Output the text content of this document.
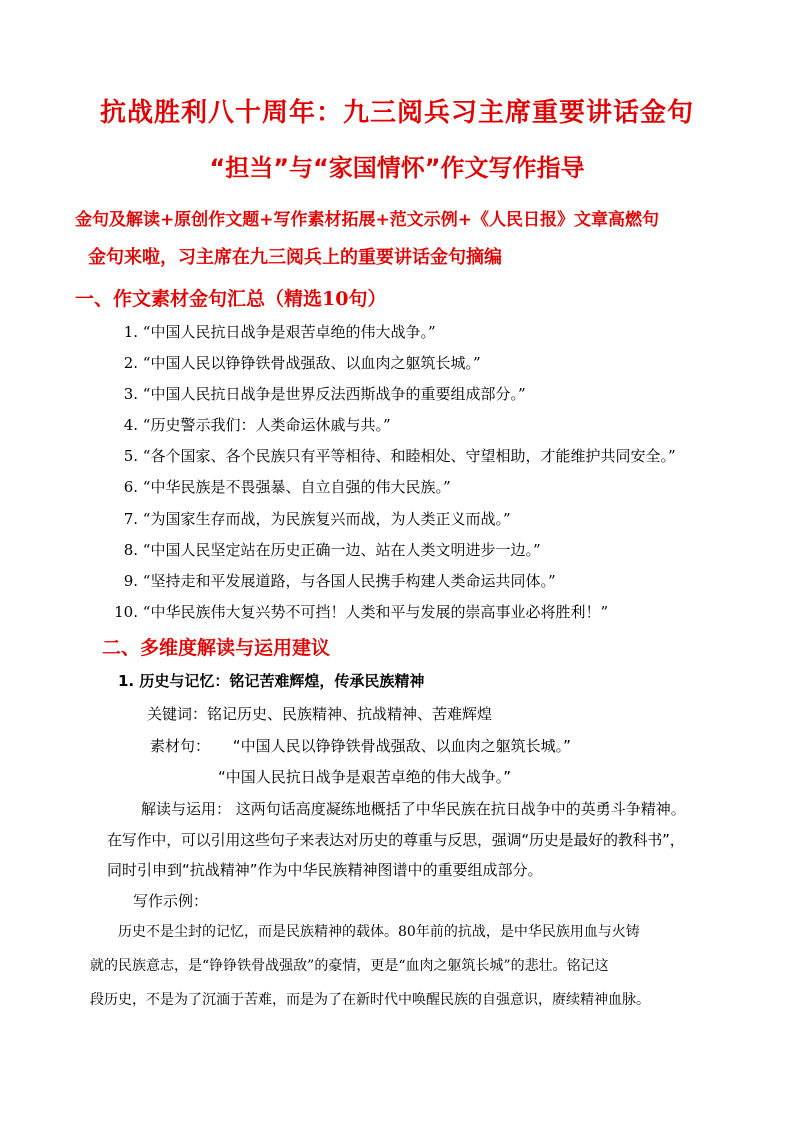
抗战胜利八十周年：九三阅兵习主席重要讲话金句
“担当”与“家国情怀”作文写作指导
金句及解读+原创作文题+写作素材拓展+范文示例+《人民日报》文章高燃句
金句来啦，习主席在九三阅兵上的重要讲话金句摘编
一、作文素材金句汇总（精选10句）
1. “中国人民抗日战争是艰苦卓绝的伟大战争。”
2. “中国人民以铮铮铁骨战强敌、以血肉之躯筑长城。”
3. “中国人民抗日战争是世界反法西斯战争的重要组成部分。”
4. “历史警示我们：人类命运休戚与共。”
5. “各个国家、各个民族只有平等相待、和睦相处、守望相助，才能维护共同安全。”
6. “中华民族是不畏强暴、自立自强的伟大民族。”
7. “为国家生存而战，为民族复兴而战，为人类正义而战。”
8. “中国人民坚定站在历史正确一边、站在人类文明进步一边。”
9. “坚持走和平发展道路，与各国人民携手构建人类命运共同体。”
10. “中华民族伟大复兴势不可挡！人类和平与发展的崇高事业必将胜利！”
二、多维度解读与运用建议
1. 历史与记忆：铭记苦难辉煌，传承民族精神
关键词：铭记历史、民族精神、抗战精神、苦难辉煌
素材句： “中国人民以铮铮铁骨战强敌、以血肉之躯筑长城。”
“中国人民抗日战争是艰苦卓绝的伟大战争。”
解读与运用： 这两句话高度凝练地概括了中华民族在抗日战争中的英勇斗争精神。
在写作中，可以引用这些句子来表达对历史的尊重与反思，强调“历史是最好的教科书”，
同时引申到“抗战精神”作为中华民族精神图谱中的重要组成部分。
写作示例：
历史不是尘封的记忆，而是民族精神的载体。80年前的抗战，是中华民族用血与火铸
就的民族意志，是“铮铮铁骨战强敌”的豪情，更是“血肉之躯筑长城”的悲壮。铭记这
段历史，不是为了沉湎于苦难，而是为了在新时代中唤醒民族的自强意识，赓续精神血脉。
